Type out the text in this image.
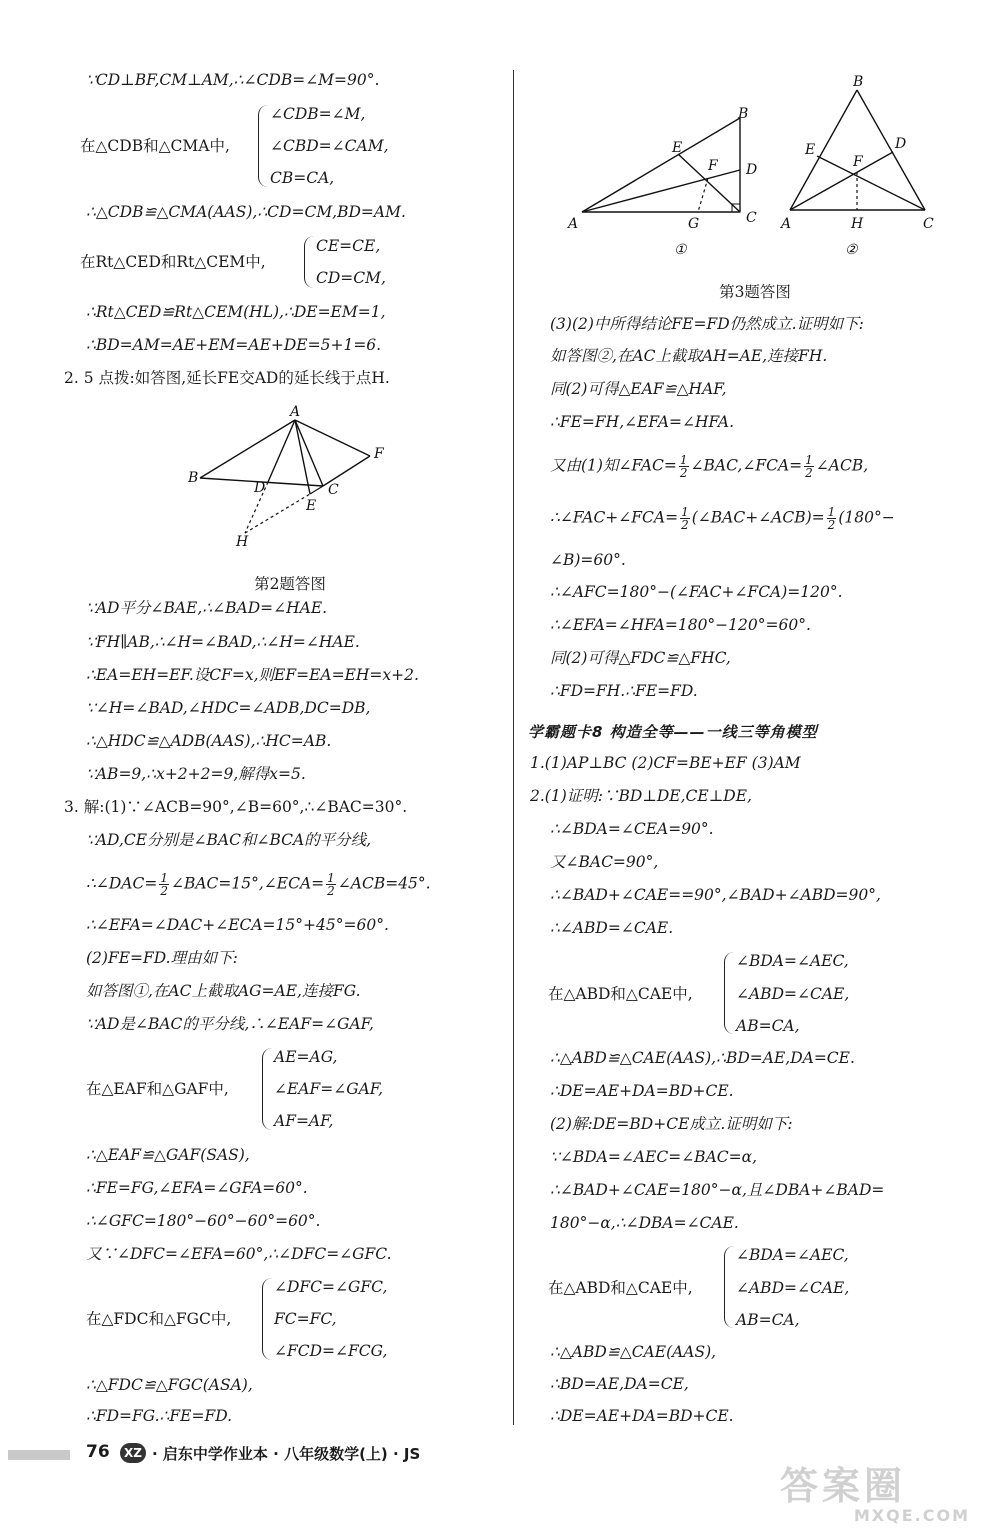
∵CD⊥BF,CM⊥AM,∴∠CDB=∠M=90°.
在△CDB和△CMA中,
∠CDB=∠M,
∠CBD=∠CAM,
CB=CA,
∴△CDB≌△CMA(AAS),∴CD=CM,BD=AM.
在Rt△CED和Rt△CEM中,
CE=CE,
CD=CM,
∴Rt△CED≌Rt△CEM(HL),∴DE=EM=1,
∴BD=AM=AE+EM=AE+DE=5+1=6.
2. 5 点拨:如答图,延长FE交AD的延长线于点H.
A
B
C
D
E
F
H
第2题答图
∵AD平分∠BAE,∴∠BAD=∠HAE.
∵FH∥AB,∴∠H=∠BAD,∴∠H=∠HAE.
∴EA=EH=EF.设CF=x,则EF=EA=EH=x+2.
∵∠H=∠BAD,∠HDC=∠ADB,DC=DB,
∴△HDC≌△ADB(AAS),∴HC=AB.
∵AB=9,∴x+2+2=9,解得x=5.
3. 解:(1)∵∠ACB=90°,∠B=60°,∴∠BAC=30°.
∵AD,CE分别是∠BAC和∠BCA的平分线,
∴∠DAC= $\frac{1}{2}$ ∠BAC=15°,∠ECA= $\frac{1}{2}$ ∠ACB=45°.
∴∠EFA=∠DAC+∠ECA=15°+45°=60°.
(2)FE=FD.理由如下:
如答图①,在AC上截取AG=AE,连接FG.
∵AD是∠BAC的平分线,∴∠EAF=∠GAF,
在△EAF和△GAF中,
AE=AG,
∠EAF=∠GAF,
AF=AF,
∴△EAF≌△GAF(SAS),
∴FE=FG,∠EFA=∠GFA=60°.
∴∠GFC=180°−60°−60°=60°.
又∵∠DFC=∠EFA=60°,∴∠DFC=∠GFC.
在△FDC和△FGC中,
∠DFC=∠GFC,
FC=FC,
∠FCD=∠FCG,
∴△FDC≌△FGC(ASA),
∴FD=FG.∴FE=FD.
B
E
F D
A	G	C
①
B
E
F
D
A	H	C
②
第3题答图
(3)(2)中所得结论FE=FD仍然成立.证明如下:
如答图②,在AC上截取AH=AE,连接FH.
同(2)可得△EAF≌△HAF,
∴FE=FH,∠EFA=∠HFA.
又由(1)知∠FAC= $\frac{1}{2}$ ∠BAC,∠FCA= $\frac{1}{2}$ ∠ACB,
∴∠FAC+∠FCA= $\frac{1}{2}$ (∠BAC+∠ACB)= $\frac{1}{2} (180^\circ-$
∠B)=60°.
∴∠AFC=180°−(∠FAC+∠FCA)=120°.
∴∠EFA=∠HFA=180°−120°=60°.
同(2)可得△FDC≌△FHC,
∴FD=FH.∴FE=FD.
学霸题卡8 构造全等——一线三等角模型
1.(1)AP⊥BC (2)CF=BE+EF (3)AM
2.(1)证明:∵BD⊥DE,CE⊥DE,
∴∠BDA=∠CEA=90°.
又∠BAC=90°,
∴∠BAD+∠CAE==90°,∠BAD+∠ABD=90°,
∴∠ABD=∠CAE.
在△ABD和△CAE中,
∠BDA=∠AEC,
∠ABD=∠CAE,
AB=CA,
∴△ABD≌△CAE(AAS),∴BD=AE,DA=CE.
∴DE=AE+DA=BD+CE.
(2)解:DE=BD+CE成立.证明如下:
∵∠BDA=∠AEC=∠BAC=α,
∴∠BAD+∠CAE=180°−α,且∠DBA+∠BAD=
180°−α,∴∠DBA=∠CAE.
在△ABD和△CAE中,
∠BDA=∠AEC,
∠ABD=∠CAE,
AB=CA,
∴△ABD≌△CAE(AAS),
∴BD=AE,DA=CE,
∴DE=AE+DA=BD+CE.
76	XZ · 启东中学作业本 · 八年级数学(上) · JS
答案圈
MXQE.COM
